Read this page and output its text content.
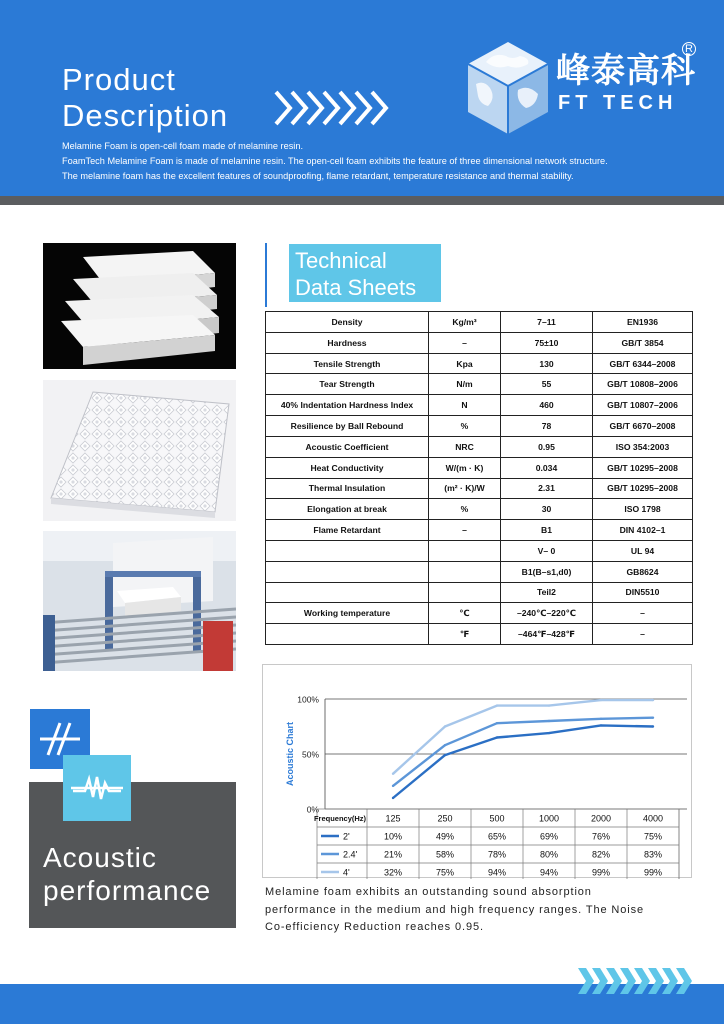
Product
Description

Melamine Foam is open-cell foam made of melamine resin.

FoamTech Melamine Foam is made of melamine resin. The open-cell foam exhibits the feature of three dimensional network structure.

The melamine foam has the excellent features of soundproofing, flame retardant, temperature resistance and thermal stability.

峰泰高科
FT TECH
R
Acoustic
performance
Technical
Data Sheets
Density	Kg/m³	7–11	EN1936
Hardness	–	75±10	GB/T 3854
Tensile Strength	Kpa	130	GB/T 6344–2008
Tear Strength	N/m	55	GB/T 10808–2006
40% Indentation Hardness Index	N	460	GB/T 10807–2006
Resilience by Ball Rebound	%	78	GB/T 6670–2008
Acoustic Coefficient	NRC	0.95	ISO 354:2003
Heat Conductivity	W/(m · K)	0.034	GB/T 10295–2008
Thermal Insulation	(m² · K)/W	2.31	GB/T 10295–2008
Elongation at break	%	30	ISO 1798
Flame Retardant	–	B1	DIN 4102–1
		V– 0	UL 94
		B1(B–s1,d0)	GB8624
		Teil2	DIN5510
Working temperature	℃	–240℃–220℃	–
	℉	–464℉–428℉	–
100%
50%
0%
Acoustic Chart
Frequency(Hz) 125	250	500	1000	2000	4000
2'	10%	49%	65%	69%	76%	75%
2.4'	21%	58%	78%	80%	82%	83%
4'	32%	75%	94%	94%	99%	99%
Melamine foam exhibits an outstanding sound absorption
performance in the medium and high frequency ranges. The Noise
Co-efficiency Reduction reaches 0.95.
